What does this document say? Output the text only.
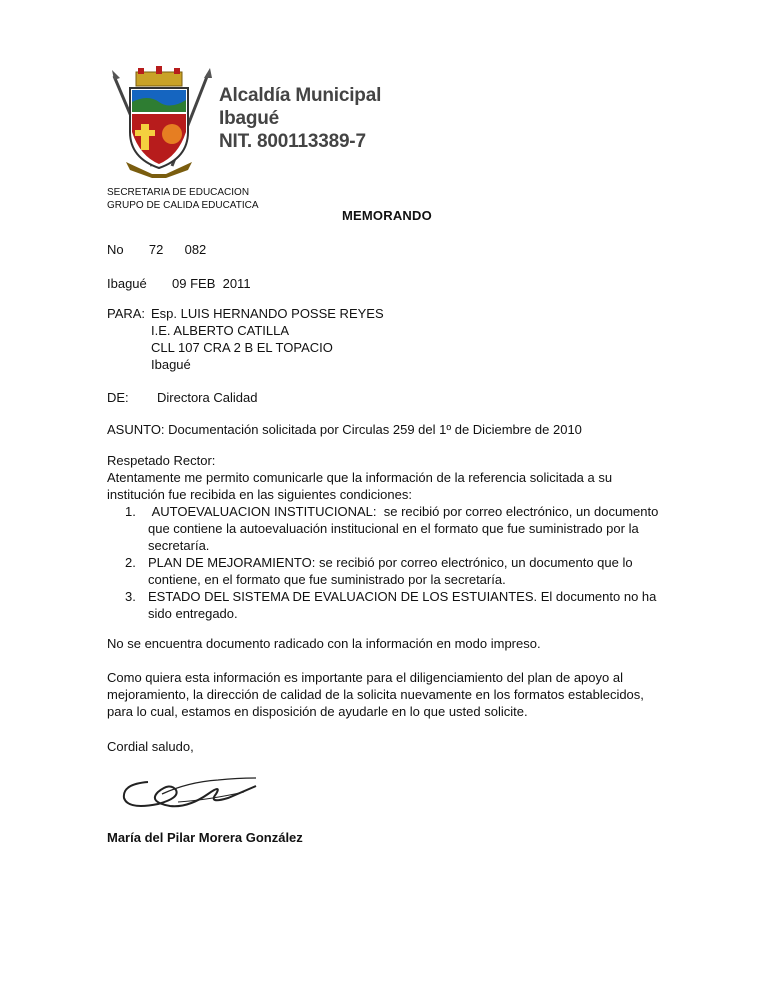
Alcaldía Municipal
Ibagué
NIT. 800113389-7
SECRETARIA DE EDUCACION
GRUPO DE CALIDA EDUCATICA
MEMORANDO
No 72 082
Ibagué 09 FEB  2011
PARA: Esp. LUIS HERNANDO POSSE REYES
I.E. ALBERTO CATILLA
CLL 107 CRA 2 B EL TOPACIO
Ibagué
DE: Directora Calidad
ASUNTO: Documentación solicitada por Circulas 259 del 1º de Diciembre de 2010

Respetado Rector:

Atentamente me permito comunicarle que la información de la referencia solicitada a su institución fue recibida en las siguientes condiciones:

1. AUTOEVALUACION INSTITUCIONAL:  se recibió por correo electrónico, un documento que contiene la autoevaluación institucional en el formato que fue suministrado por la secretaría.
2. PLAN DE MEJORAMIENTO: se recibió por correo electrónico, un documento que lo contiene, en el formato que fue suministrado por la secretaría.
3. ESTADO DEL SISTEMA DE EVALUACION DE LOS ESTUIANTES. El documento no ha sido entregado.
No se encuentra documento radicado con la información en modo impreso.
Como quiera esta información es importante para el diligenciamiento del plan de apoyo al mejoramiento, la dirección de calidad de la solicita nuevamente en los formatos establecidos, para lo cual, estamos en disposición de ayudarle en lo que usted solicite.
Cordial saludo,
María del Pilar Morera González
